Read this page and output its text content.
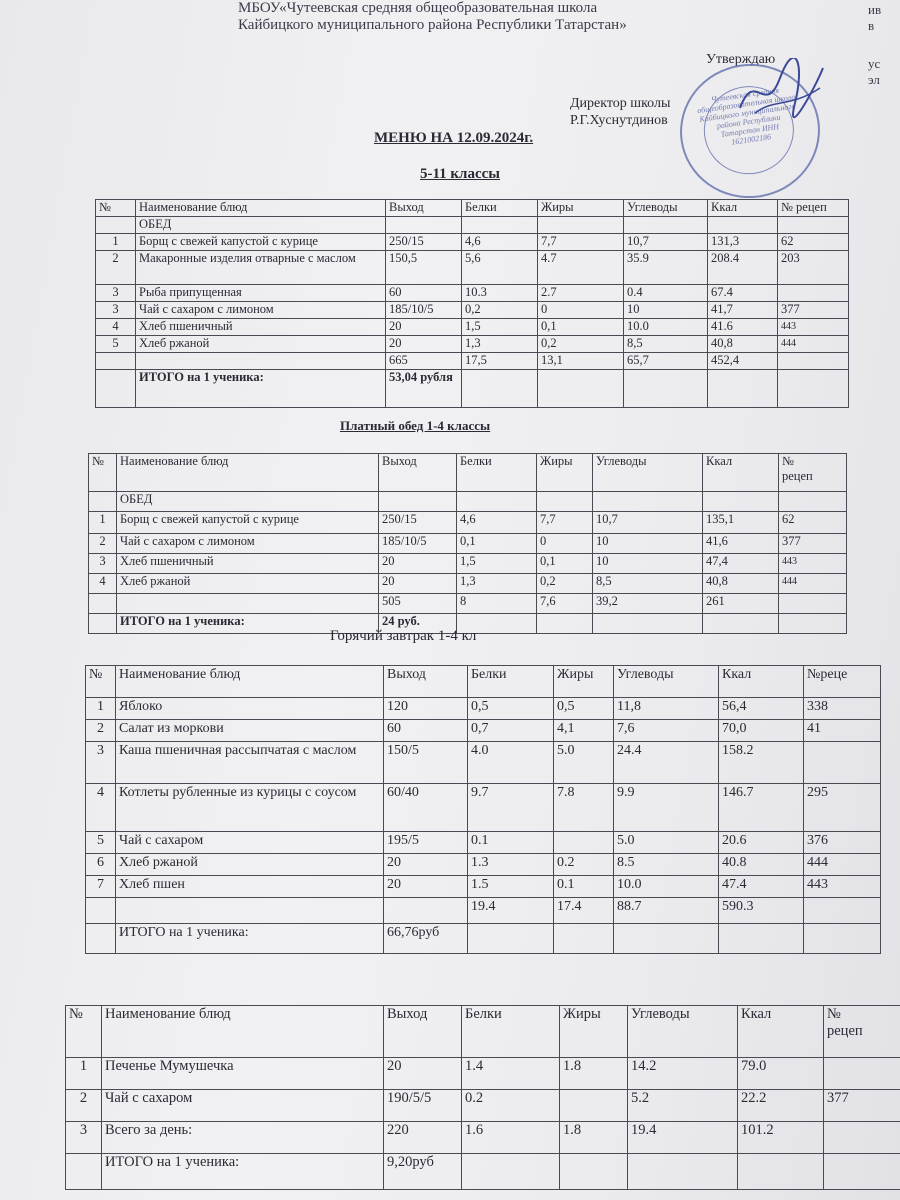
МБОУ«Чутеевская средняя общеобразовательная школа
Кайбицкого муниципального района Республики Татарстан»
ив
в
ус
эл
Утверждаю
Директор школы
Р.Г.Хуснутдинов
Чутеевская средняя общеобразовательная школа Кайбицкого муниципального района Республики Татарстан ИНН 1621002186
МЕНЮ НА 12.09.2024г.
5-11 классы
№	Наименование блюд	Выход	Белки	Жиры	Углеводы	Ккал	№ рецеп
	ОБЕД						
1	Борщ с свежей капустой с курице	250/15	4,6	7,7	10,7	131,3	62
2	Макаронные изделия отварные с маслом	150,5	5,6	4.7	35.9	208.4	203
3	Рыба припущенная	60	10.3	2.7	0.4	67.4	
3	Чай с сахаром с лимоном	185/10/5	0,2	0	10	41,7	377
4	Хлеб пшеничный	20	1,5	0,1	10.0	41.6	443
5	Хлеб ржаной	20	1,3	0,2	8,5	40,8	444
		665	17,5	13,1	65,7	452,4	
	ИТОГО на 1 ученика:	53,04 рубля					
Платный обед 1-4 классы
№	Наименование блюд	Выход	Белки	Жиры	Углеводы	Ккал	№
рецеп
	ОБЕД						
1	Борщ с свежей капустой с курице	250/15	4,6	7,7	10,7	135,1	62
2	Чай с сахаром с лимоном	185/10/5	0,1	0	10	41,6	377
3	Хлеб пшеничный	20	1,5	0,1	10	47,4	443
4	Хлеб ржаной	20	1,3	0,2	8,5	40,8	444
		505	8	7,6	39,2	261	
	ИТОГО на 1 ученика:	24 руб.					
Горячий завтрак 1-4 кл
№	Наименование блюд	Выход	Белки	Жиры	Углеводы	Ккал	№реце
1	Яблоко	120	0,5	0,5	11,8	56,4	338
2	Салат из моркови	60	0,7	4,1	7,6	70,0	41
3	Каша пшеничная рассыпчатая с маслом	150/5	4.0	5.0	24.4	158.2	
4	Котлеты рубленные из курицы с соусом	60/40	9.7	7.8	9.9	146.7	295
5	Чай с сахаром	195/5	0.1		5.0	20.6	376
6	Хлеб ржаной	20	1.3	0.2	8.5	40.8	444
7	Хлеб пшен	20	1.5	0.1	10.0	47.4	443
			19.4	17.4	88.7	590.3	
	ИТОГО на 1 ученика:	66,76руб					
№	Наименование блюд	Выход	Белки	Жиры	Углеводы	Ккал	№
рецеп
1	Печенье Мумушечка	20	1.4	1.8	14.2	79.0	
2	Чай с сахаром	190/5/5	0.2		5.2	22.2	377
3	Всего за день:	220	1.6	1.8	19.4	101.2	
	ИТОГО на 1 ученика:	9,20руб					
